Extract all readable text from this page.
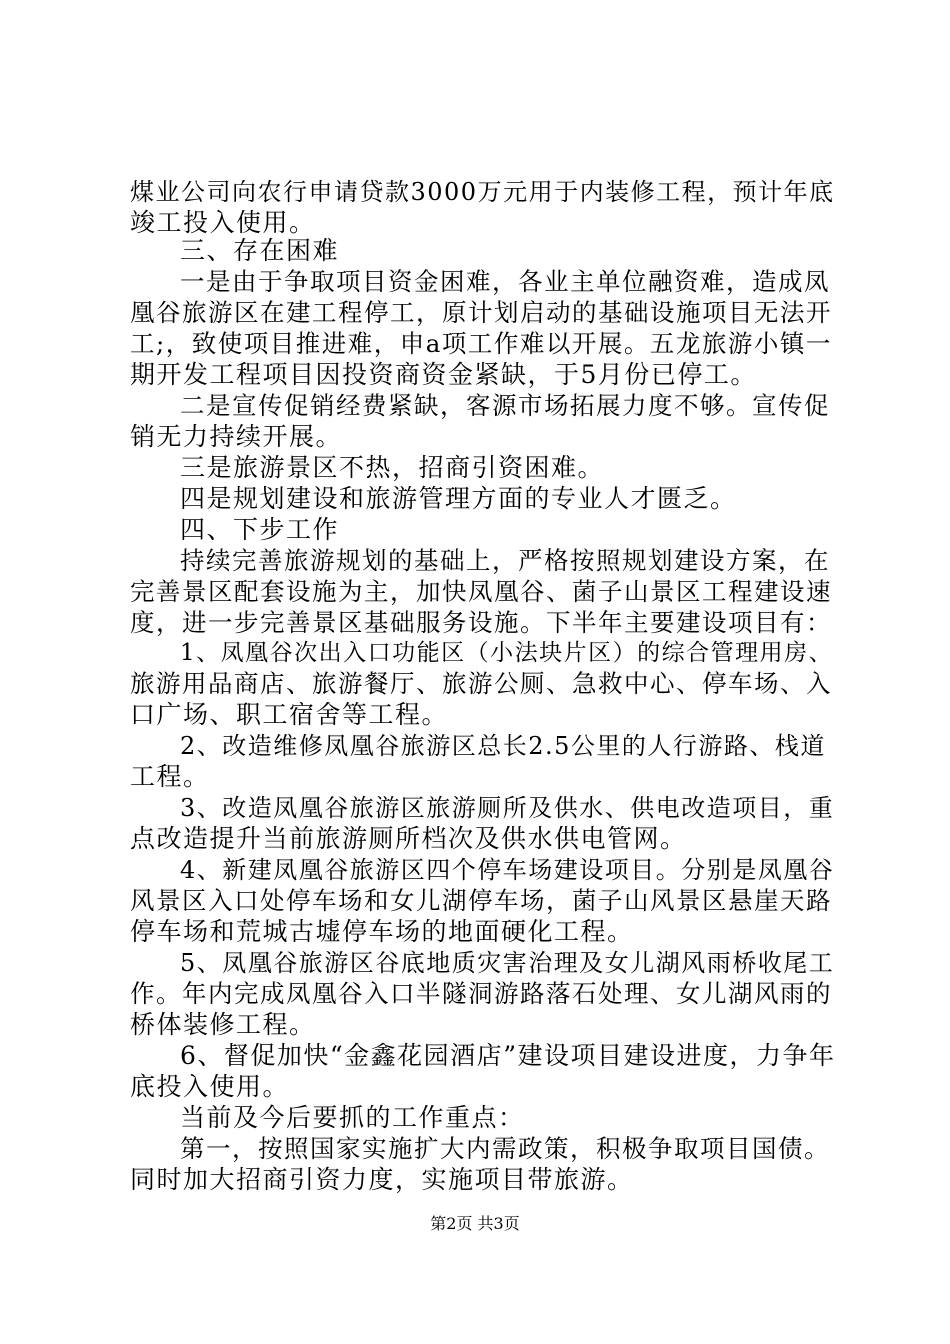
煤业公司向农行申请贷款3000万元用于内装修工程，预计年底
竣工投入使用。
三、存在困难
一是由于争取项目资金困难，各业主单位融资难，造成凤
凰谷旅游区在建工程停工，原计划启动的基础设施项目无法开
工;，致使项目推进难，申a项工作难以开展。五龙旅游小镇一
期开发工程项目因投资商资金紧缺，于5月份已停工。
二是宣传促销经费紧缺，客源市场拓展力度不够。宣传促
销无力持续开展。
三是旅游景区不热，招商引资困难。
四是规划建设和旅游管理方面的专业人才匮乏。
四、下步工作
持续完善旅游规划的基础上，严格按照规划建设方案，在
完善景区配套设施为主，加快凤凰谷、菌子山景区工程建设速
度，进一步完善景区基础服务设施。下半年主要建设项目有：
1、凤凰谷次出入口功能区（小法块片区）的综合管理用房、
旅游用品商店、旅游餐厅、旅游公厕、急救中心、停车场、入
口广场、职工宿舍等工程。
2、改造维修凤凰谷旅游区总长2.5公里的人行游路、栈道
工程。
3、改造凤凰谷旅游区旅游厕所及供水、供电改造项目，重
点改造提升当前旅游厕所档次及供水供电管网。
4、新建凤凰谷旅游区四个停车场建设项目。分别是凤凰谷
风景区入口处停车场和女儿湖停车场，菌子山风景区悬崖天路
停车场和荒城古墟停车场的地面硬化工程。
5、凤凰谷旅游区谷底地质灾害治理及女儿湖风雨桥收尾工
作。年内完成凤凰谷入口半隧洞游路落石处理、女儿湖风雨的
桥体装修工程。
6、督促加快“金鑫花园酒店”建设项目建设进度，力争年
底投入使用。
当前及今后要抓的工作重点：
第一，按照国家实施扩大内需政策，积极争取项目国债。
同时加大招商引资力度，实施项目带旅游。
第2页 共3页
